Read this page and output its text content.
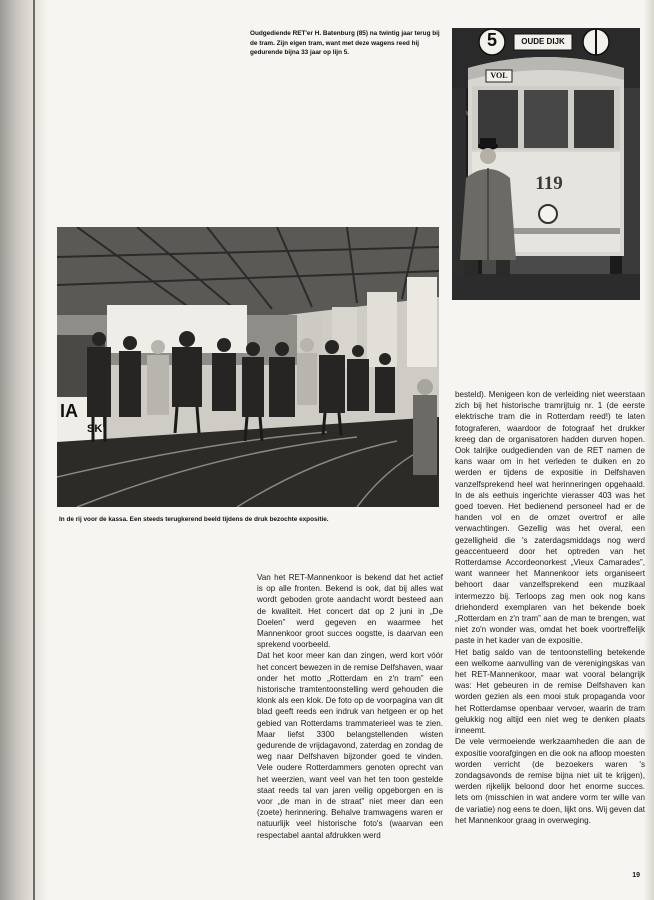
Oudgediende RET'er H. Batenburg (85) na twintig jaar terug bij de tram. Zijn eigen tram, want met deze wagens reed hij gedurende bijna 33 jaar op lijn 5.
5	OUDE DIJK
VOL
119
IA
SK
In de rij voor de kassa. Een steeds terugkerend beeld tijdens de druk bezochte expositie.

Van het RET-Mannenkoor is bekend dat het actief is op alle fronten. Bekend is ook, dat bij alles wat wordt geboden grote aandacht wordt besteed aan de kwaliteit. Het concert dat op 2 juni in „De Doelen” werd gegeven en waarmee het Mannenkoor groot succes oogstte, is daarvan een sprekend voorbeeld.

Dat het koor meer kan dan zingen, werd kort vóór het concert bewezen in de remise Delfshaven, waar onder het motto „Rotterdam en z'n tram” een historische tramtentoonstelling werd gehouden die klonk als een klok. De foto op de voorpagina van dit blad geeft reeds een indruk van hetgeen er op het gebied van Rotterdams trammaterieel was te zien. Maar liefst 3300 belangstellenden wisten gedurende de vrijdagavond, zaterdag en zondag de weg naar Delfshaven bijzonder goed te vinden. Vele oudere Rotterdammers genoten oprecht van het weerzien, want veel van het ten toon gestelde staat reeds tal van jaren veilig opgeborgen en is voor „de man in de straat” niet meer dan een (zoete) herinnering. Behalve tramwagens waren er natuurlijk veel historische foto's (waarvan een respectabel aantal afdrukken werd

besteld). Menigeen kon de verleiding niet weerstaan zich bij het historische tramrijtuig nr. 1 (de eerste elektrische tram die in Rotterdam reed!) te laten fotograferen, waardoor de fotograaf het drukker kreeg dan de organisatoren hadden durven hopen. Ook talrijke oudgedienden van de RET namen de kans waar om in het verleden te duiken en zo werden er tijdens de expositie in Delfshaven vanzelfsprekend heel wat herinneringen opgehaald. In de als eethuis ingerichte vierasser 403 was het goed toeven. Het bedienend personeel had er de handen vol en de omzet overtrof er alle verwachtingen. Gezellig was het overal, een gezelligheid die 's zaterdagsmiddags nog werd geaccentueerd door het optreden van het Rotterdamse Accordeonorkest „Vieux Camarades”, want wanneer het Mannenkoor iets organiseert behoort daar vanzelfsprekend een muzikaal intermezzo bij. Terloops zag men ook nog kans driehonderd exemplaren van het bekende boek „Rotterdam en z'n tram” aan de man te brengen, wat niet zo'n wonder was, omdat het boek voortreffelijk paste in het kader van de expositie.

Het batig saldo van de tentoonstelling betekende een welkome aanvulling van de verenigingskas van het RET-Mannenkoor, maar wat vooral belangrijk was: Het gebeuren in de remise Delfshaven kan worden gezien als een mooi stuk propaganda voor het Rotterdamse openbaar vervoer, waarin de tram gelukkig nog altijd een niet weg te denken plaats inneemt.

De vele vermoeiende werkzaamheden die aan de expositie voorafgingen en die ook na afloop moesten worden verricht (de bezoekers waren 's zondagsavonds de remise bijna niet uit te krijgen), werden rijkelijk beloond door het enorme succes. Iets om (misschien in wat andere vorm ter wille van de variatie) nog eens te doen, lijkt ons. Wij geven dat het Mannenkoor graag in overweging.

19
